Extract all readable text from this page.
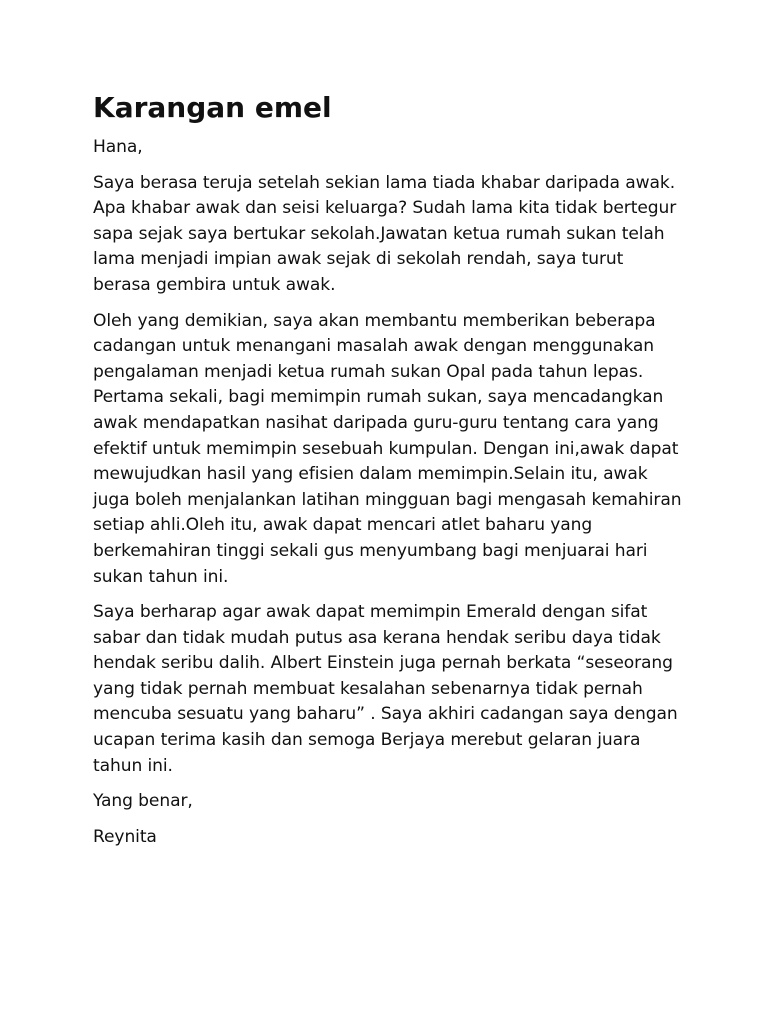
Karangan emel

Hana,

Saya berasa teruja setelah sekian lama tiada khabar daripada awak. Apa khabar awak dan seisi keluarga? Sudah lama kita tidak bertegur sapa sejak saya bertukar sekolah.Jawatan ketua rumah sukan telah lama menjadi impian awak sejak di sekolah rendah, saya turut berasa gembira untuk awak.

Oleh yang demikian, saya akan membantu memberikan beberapa cadangan untuk menangani masalah awak dengan menggunakan pengalaman menjadi ketua rumah sukan Opal pada tahun lepas. Pertama sekali, bagi memimpin rumah sukan, saya mencadangkan awak mendapatkan nasihat daripada guru-guru tentang cara yang efektif untuk memimpin sesebuah kumpulan. Dengan ini,awak dapat mewujudkan hasil yang efisien dalam memimpin.Selain itu, awak juga boleh menjalankan latihan mingguan bagi mengasah kemahiran setiap ahli.Oleh itu, awak dapat mencari atlet baharu yang berkemahiran tinggi sekali gus menyumbang bagi menjuarai hari sukan tahun ini.

Saya berharap agar awak dapat memimpin Emerald dengan sifat sabar dan tidak mudah putus asa kerana hendak seribu daya tidak hendak seribu dalih. Albert Einstein juga pernah berkata “seseorang yang tidak pernah membuat kesalahan sebenarnya tidak pernah mencuba sesuatu yang baharu” . Saya akhiri cadangan saya dengan ucapan terima kasih dan semoga Berjaya merebut gelaran juara tahun ini.

Yang benar,

Reynita
